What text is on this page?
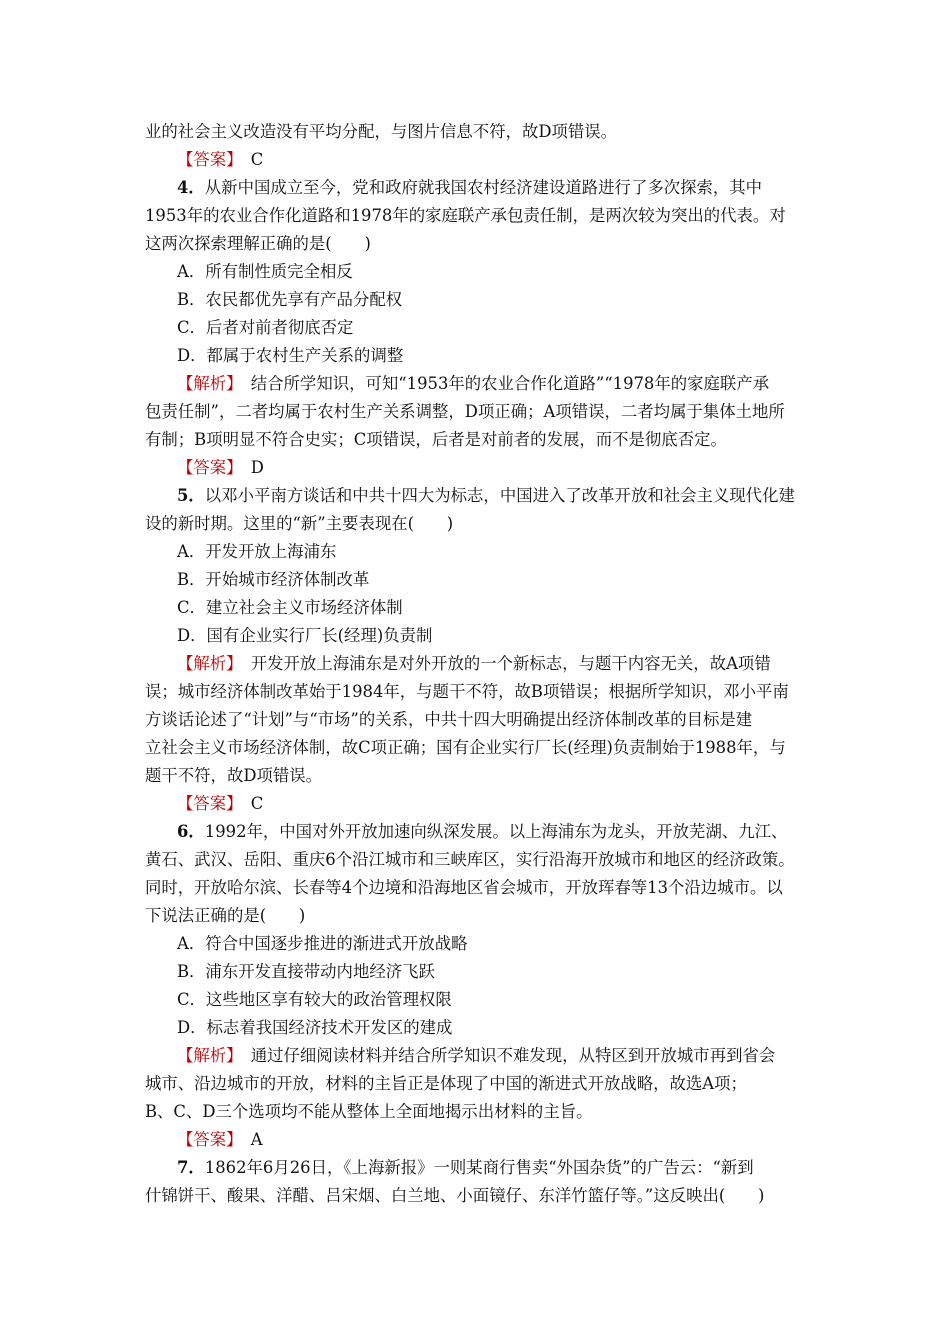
业的社会主义改造没有平均分配，与图片信息不符，故D项错误。
【答案】　 C
4．从新中国成立至今，党和政府就我国农村经济建设道路进行了多次探索，其中
1953年的农业合作化道路和1978年的家庭联产承包责任制，是两次较为突出的代表。对
这两次探索理解正确的是(　　)
A．所有制性质完全相反
B．农民都优先享有产品分配权
C．后者对前者彻底否定
D．都属于农村生产关系的调整
【解析】　结合所学知识，可知“1953年的农业合作化道路”“1978年的家庭联产承
包责任制”，二者均属于农村生产关系调整，D项正确；A项错误，二者均属于集体土地所
有制；B项明显不符合史实；C项错误，后者是对前者的发展，而不是彻底否定。
【答案】　 D
5．以邓小平南方谈话和中共十四大为标志，中国进入了改革开放和社会主义现代化建
设的新时期。这里的“新”主要表现在(　　)
A．开发开放上海浦东
B．开始城市经济体制改革
C．建立社会主义市场经济体制
D．国有企业实行厂长(经理)负责制
【解析】　开发开放上海浦东是对外开放的一个新标志，与题干内容无关，故A项错
误；城市经济体制改革始于1984年，与题干不符，故B项错误；根据所学知识，邓小平南
方谈话论述了“计划”与“市场”的关系，中共十四大明确提出经济体制改革的目标是建
立社会主义市场经济体制，故C项正确；国有企业实行厂长(经理)负责制始于1988年，与
题干不符，故D项错误。
【答案】　 C
6．1992年，中国对外开放加速向纵深发展。以上海浦东为龙头，开放芜湖、九江、
黄石、武汉、岳阳、重庆6个沿江城市和三峡库区，实行沿海开放城市和地区的经济政策。
同时，开放哈尔滨、长春等4个边境和沿海地区省会城市，开放珲春等13个沿边城市。以
下说法正确的是(　　)
A．符合中国逐步推进的渐进式开放战略
B．浦东开发直接带动内地经济飞跃
C．这些地区享有较大的政治管理权限
D．标志着我国经济技术开发区的建成
【解析】　通过仔细阅读材料并结合所学知识不难发现，从特区到开放城市再到省会
城市、沿边城市的开放，材料的主旨正是体现了中国的渐进式开放战略，故选A项；
B、C、D三个选项均不能从整体上全面地揭示出材料的主旨。
【答案】　 A
7．1862年6月26日，《上海新报》一则某商行售卖“外国杂货”的广告云：“新到
什锦饼干、酸果、洋醋、吕宋烟、白兰地、小面镜仔、东洋竹篮仔等。”这反映出(　　)
